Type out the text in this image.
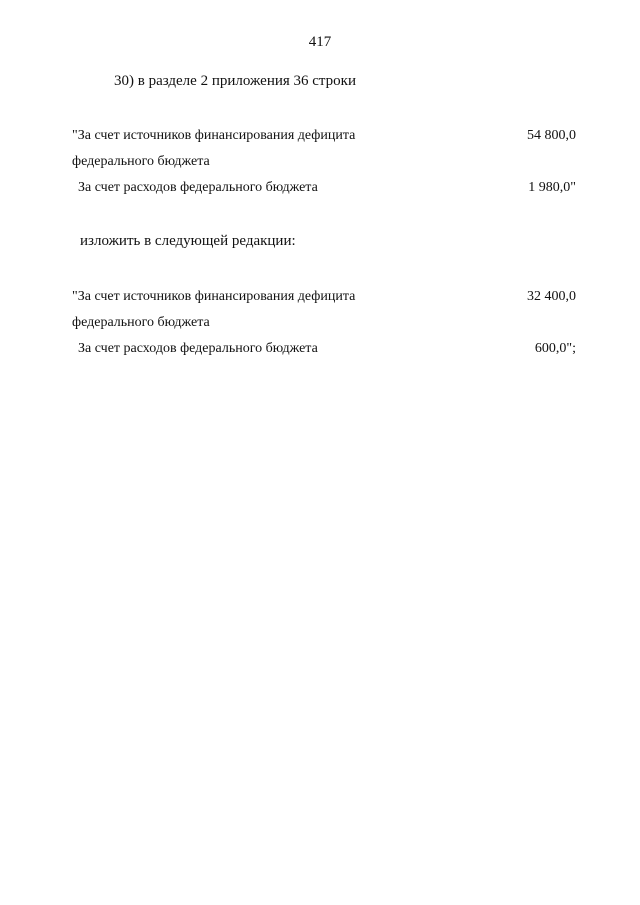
417
30) в разделе 2 приложения 36 строки
"За счет источников финансирования дефицита	54 800,0
федерального бюджета
За счет расходов федерального бюджета	1 980,0"
изложить в следующей редакции:
"За счет источников финансирования дефицита	32 400,0
федерального бюджета
За счет расходов федерального бюджета	600,0";
